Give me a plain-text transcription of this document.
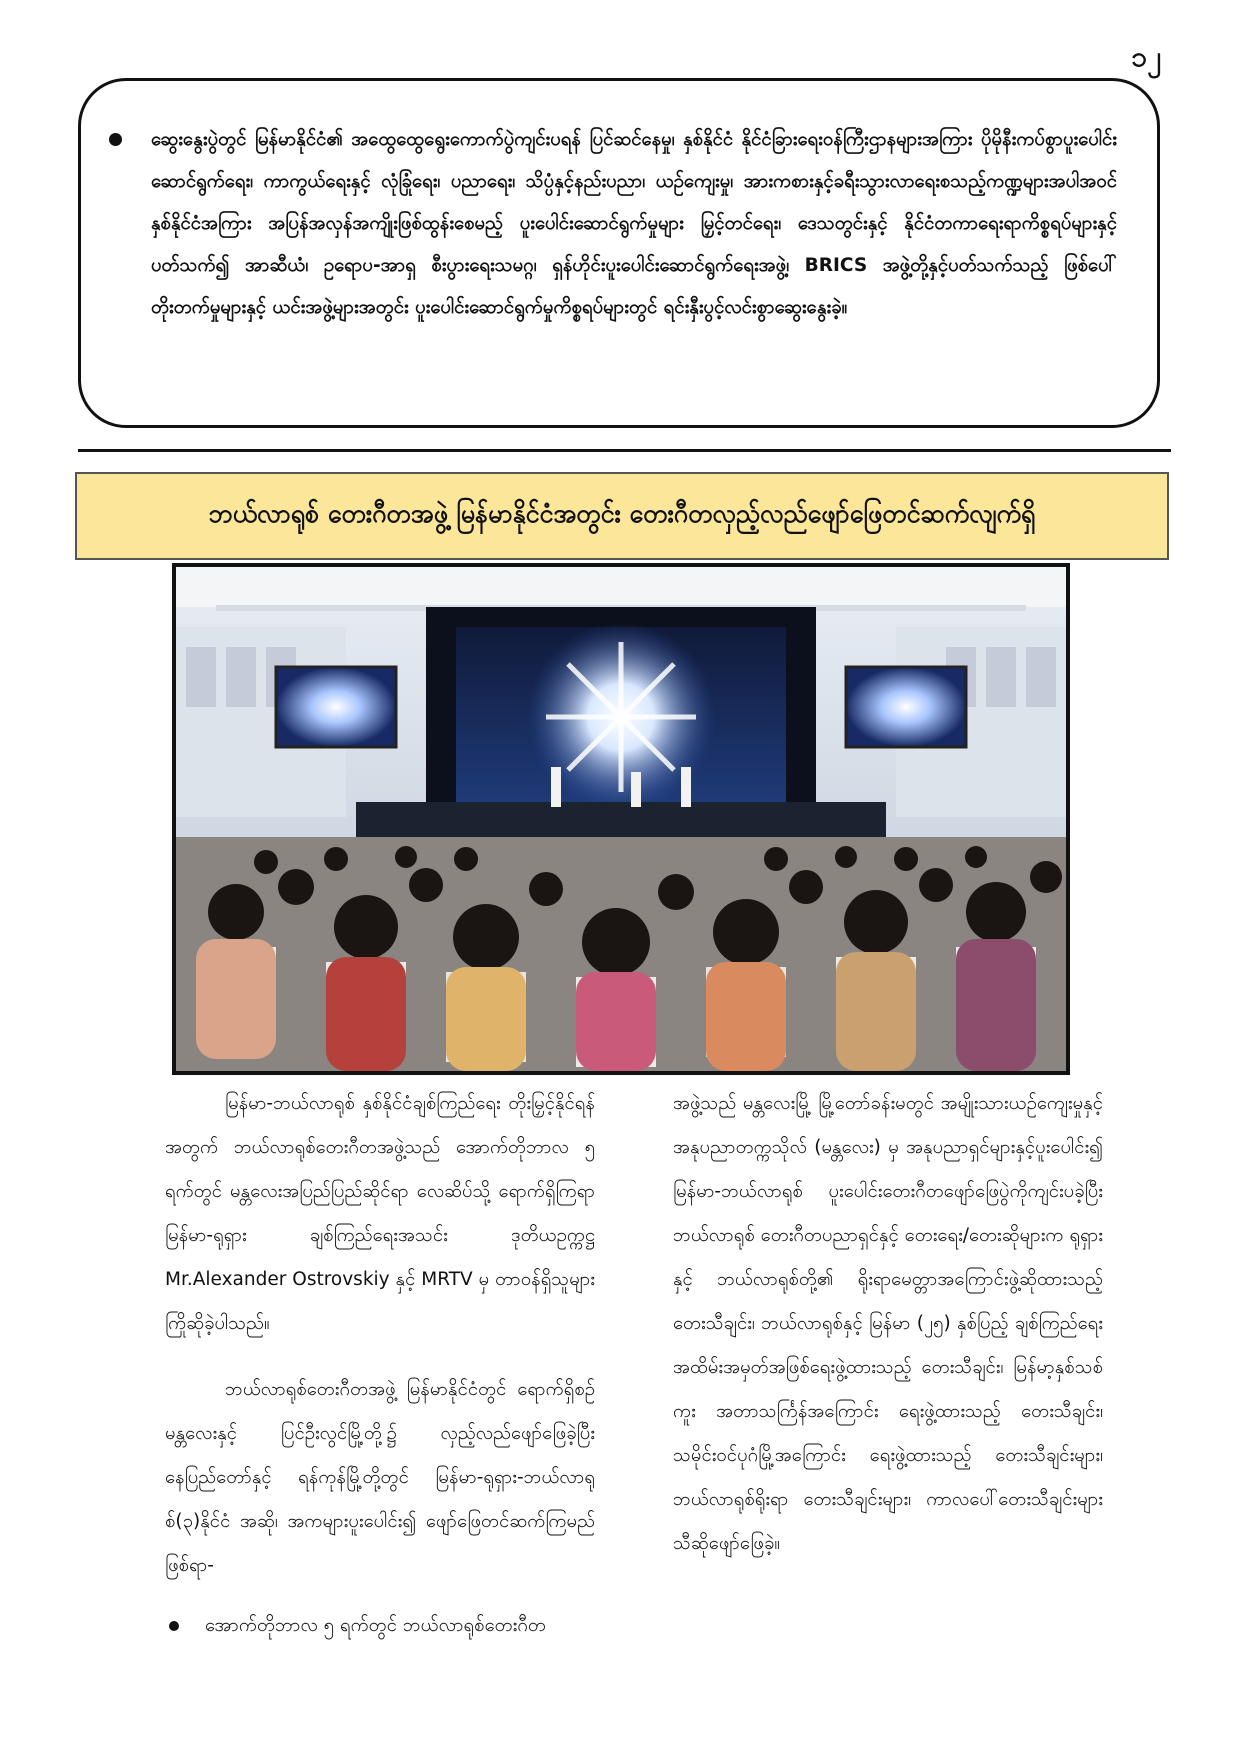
၁၂

ဆွေးနွေးပွဲတွင် မြန်မာနိုင်ငံ၏ အထွေထွေရွေးကောက်ပွဲကျင်းပရန် ပြင်ဆင်နေမှု၊ နှစ်နိုင်ငံ နိုင်ငံခြားရေးဝန်ကြီးဌာနများအကြား ပိုမိုနီးကပ်စွာပူးပေါင်းဆောင်ရွက်ရေး၊ ကာကွယ်ရေးနှင့် လုံခြုံရေး၊ ပညာရေး၊ သိပ္ပံနှင့်နည်းပညာ၊ ယဉ်ကျေးမှု၊ အားကစားနှင့်ခရီးသွားလာရေးစသည့်ကဏ္ဍများအပါအဝင် နှစ်နိုင်ငံအကြား အပြန်အလှန်အကျိုးဖြစ်ထွန်းစေမည့် ပူးပေါင်းဆောင်ရွက်မှုများ မြှင့်တင်ရေး၊ ဒေသတွင်းနှင့် နိုင်ငံတကာရေးရာကိစ္စရပ်များနှင့်ပတ်သက်၍ အာဆီယံ၊ ဥရောပ-အာရှ စီးပွားရေးသမဂ္ဂ၊ ရှန်ဟိုင်းပူးပေါင်းဆောင်ရွက်ရေးအဖွဲ့၊ BRICS အဖွဲ့တို့နှင့်ပတ်သက်သည့် ဖြစ်ပေါ်တိုးတက်မှုများနှင့် ယင်းအဖွဲ့များအတွင်း ပူးပေါင်းဆောင်ရွက်မှုကိစ္စရပ်များတွင် ရင်းနှီးပွင့်လင်းစွာဆွေးနွေးခဲ့။

ဘယ်လာရုစ် တေးဂီတအဖွဲ့ မြန်မာနိုင်ငံအတွင်း တေးဂီတလှည့်လည်ဖျော်ဖြေတင်ဆက်လျက်ရှိ

မြန်မာ-ဘယ်လာရုစ် နှစ်နိုင်ငံချစ်ကြည်ရေး တိုးမြှင့်နိုင်ရန်အတွက် ဘယ်လာရုစ်တေးဂီတအဖွဲ့သည် အောက်တိုဘာလ ၅ ရက်တွင် မန္တလေးအပြည်ပြည်ဆိုင်ရာ လေဆိပ်သို့ ရောက်ရှိကြရာ မြန်မာ-ရုရှား ချစ်ကြည်ရေးအသင်း ဒုတိယဥက္ကဋ္ဌ Mr.Alexander Ostrovskiy နှင့် MRTV မှ တာဝန်ရှိသူများ ကြိုဆိုခဲ့ပါသည်။

ဘယ်လာရုစ်တေးဂီတအဖွဲ့ မြန်မာနိုင်ငံတွင် ရောက်ရှိစဉ် မန္တလေးနှင့် ပြင်ဦးလွင်မြို့တို့၌ လှည့်လည်ဖျော်ဖြေခဲ့ပြီး နေပြည်တော်နှင့် ရန်ကုန်မြို့တို့တွင် မြန်မာ-ရုရှား-ဘယ်လာရုစ်(၃)နိုင်ငံ အဆို၊ အကများပူးပေါင်း၍ ဖျော်ဖြေတင်ဆက်ကြမည်ဖြစ်ရာ-

အောက်တိုဘာလ ၅ ရက်တွင် ဘယ်လာရုစ်တေးဂီတ

အဖွဲ့သည် မန္တလေးမြို့ မြို့တော်ခန်းမတွင် အမျိုးသားယဉ်ကျေးမှုနှင့် အနုပညာတက္ကသိုလ် (မန္တလေး) မှ အနုပညာရှင်များနှင့်ပူးပေါင်း၍ မြန်မာ-ဘယ်လာရုစ် ပူးပေါင်းတေးဂီတဖျော်ဖြေပွဲကိုကျင်းပခဲ့ပြီး ဘယ်လာရုစ် တေးဂီတပညာရှင်နှင့် တေးရေး/တေးဆိုများက ရုရှားနှင့် ဘယ်လာရုစ်တို့၏ ရိုးရာမေတ္တာအကြောင်းဖွဲ့ဆိုထားသည့် တေးသီချင်း၊ ဘယ်လာရုစ်နှင့် မြန်မာ (၂၅) နှစ်ပြည့် ချစ်ကြည်ရေး အထိမ်းအမှတ်အဖြစ်ရေးဖွဲ့ထားသည့် တေးသီချင်း၊ မြန်မာ့နှစ်သစ်ကူး အတာသင်္ကြန်အကြောင်း ရေးဖွဲ့ထားသည့် တေးသီချင်း၊ သမိုင်းဝင်ပုဂံမြို့အကြောင်း ရေးဖွဲ့ထားသည့် တေးသီချင်းများ၊ ဘယ်လာရုစ်ရိုးရာ တေးသီချင်းများ၊ ကာလပေါ်တေးသီချင်းများ သီဆိုဖျော်ဖြေခဲ့။
